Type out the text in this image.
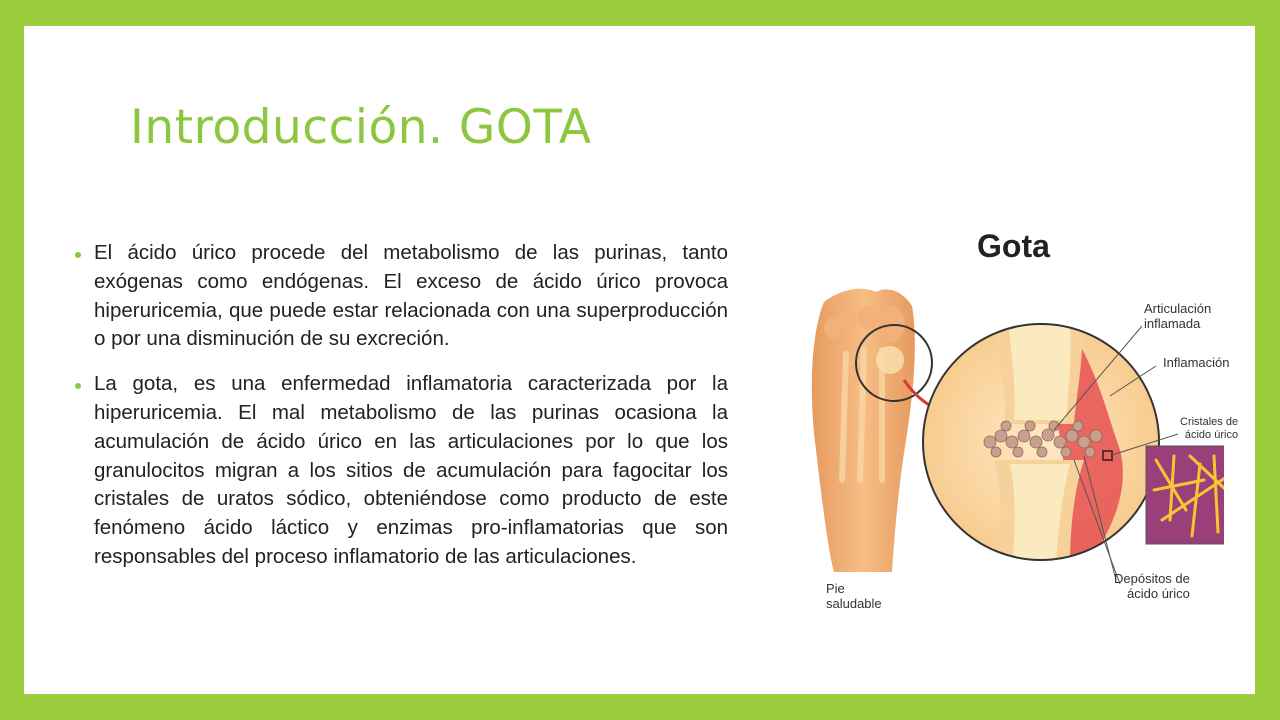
Introducción. GOTA
El ácido úrico procede del metabolismo de las purinas, tanto exógenas como endógenas. El exceso de ácido úrico provoca hiperuricemia, que puede estar relacionada con una superproducción o por una disminución de su excreción.
La gota, es una enfermedad inflamatoria caracterizada por la hiperuricemia. El mal metabolismo de las purinas ocasiona la acumulación de ácido úrico en las articulaciones por lo que los granulocitos migran a los sitios de acumulación para fagocitar los cristales de uratos sódico, obteniéndose como producto de este fenómeno ácido láctico y enzimas pro-inflamatorias que son responsables del proceso inflamatorio de las articulaciones.
Gota
Articulación
inflamada
Inflamación
Cristales de
ácido úrico
Depósitos de
ácido úrico
Pie
saludable
